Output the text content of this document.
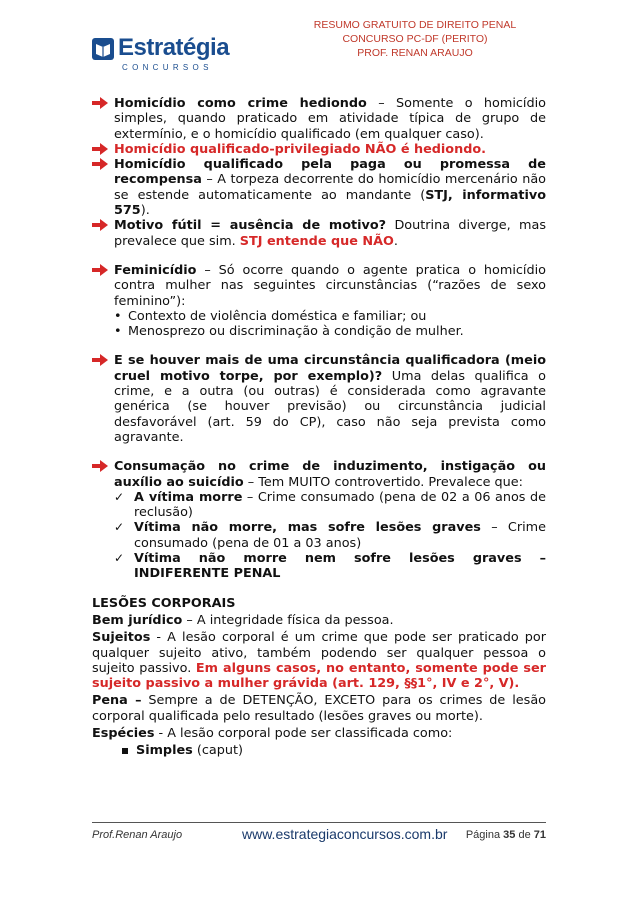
Estratégia
CONCURSOS
RESUMO GRATUITO DE DIREITO PENAL
CONCURSO PC-DF (PERITO)
PROF. RENAN ARAUJO
Homicídio como crime hediondo – Somente o homicídio simples, quando praticado em atividade típica de grupo de extermínio, e o homicídio qualificado (em qualquer caso).
Homicídio qualificado-privilegiado NÃO é hediondo.
Homicídio qualificado pela paga ou promessa de recompensa – A torpeza decorrente do homicídio mercenário não se estende automaticamente ao mandante (STJ, informativo 575).
Motivo fútil = ausência de motivo? Doutrina diverge, mas prevalece que sim. STJ entende que NÃO.
Feminicídio – Só ocorre quando o agente pratica o homicídio contra mulher nas seguintes circunstâncias (“razões de sexo feminino”):
• Contexto de violência doméstica e familiar; ou
• Menosprezo ou discriminação à condição de mulher.
E se houver mais de uma circunstância qualificadora (meio cruel motivo torpe, por exemplo)? Uma delas qualifica o crime, e a outra (ou outras) é considerada como agravante genérica (se houver previsão) ou circunstância judicial desfavorável (art. 59 do CP), caso não seja prevista como agravante.
Consumação no crime de induzimento, instigação ou auxílio ao suicídio – Tem MUITO controvertido. Prevalece que:
✓ A vítima morre – Crime consumado (pena de 02 a 06 anos de reclusão)
✓ Vítima não morre, mas sofre lesões graves – Crime consumado (pena de 01 a 03 anos)
✓ Vítima não morre nem sofre lesões graves – INDIFERENTE PENAL
LESÕES CORPORAIS
Bem jurídico – A integridade física da pessoa.
Sujeitos - A lesão corporal é um crime que pode ser praticado por qualquer sujeito ativo, também podendo ser qualquer pessoa o sujeito passivo. Em alguns casos, no entanto, somente pode ser sujeito passivo a mulher grávida (art. 129, §§1°, IV e 2°, V).
Pena – Sempre a de DETENÇÃO, EXCETO para os crimes de lesão corporal qualificada pelo resultado (lesões graves ou morte).
Espécies - A lesão corporal pode ser classificada como:
Simples (caput)
Prof.Renan Araujo	www.estrategiaconcursos.com.br Página 35 de 71
